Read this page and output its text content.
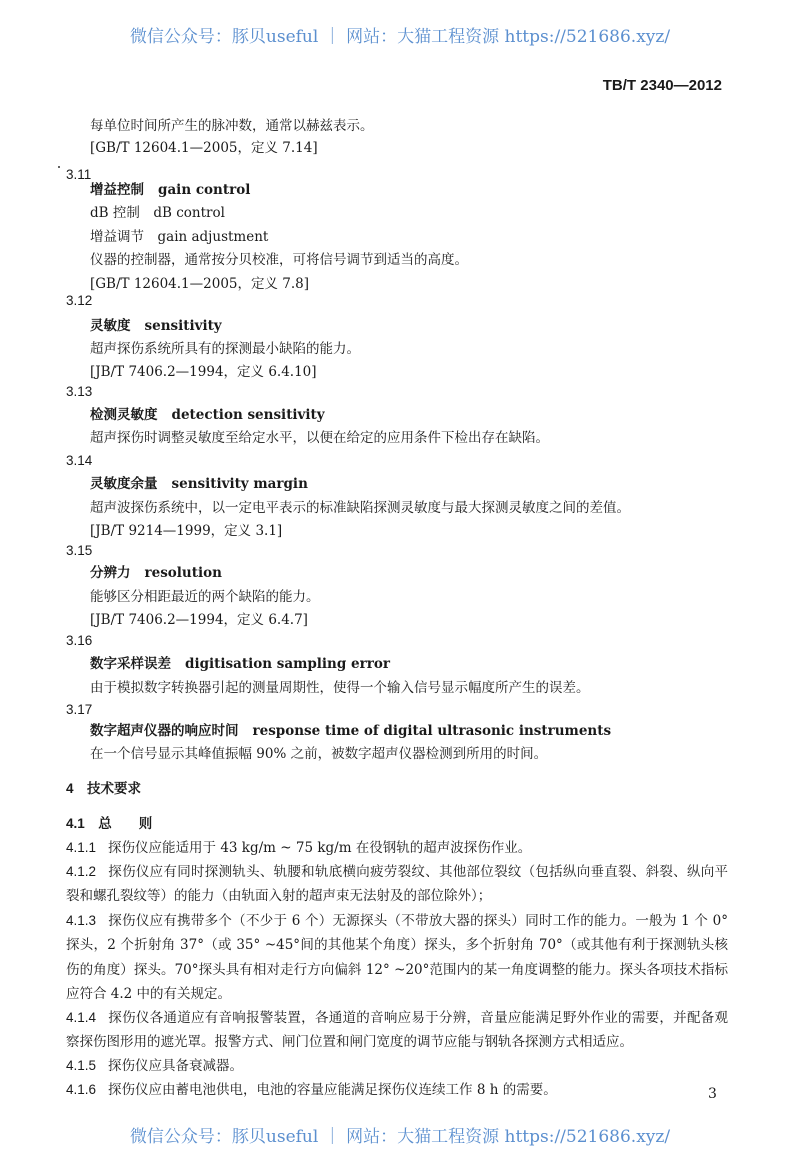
微信公众号：豚贝useful ｜ 网站：大猫工程资源 https://521686.xyz/
TB/T 2340—2012
每单位时间所产生的脉冲数，通常以赫兹表示。
[GB/T 12604.1—2005，定义 7.14]
3.11
增益控制 gain control
dB 控制　dB control
增益调节　gain adjustment
仪器的控制器，通常按分贝校准，可将信号调节到适当的高度。
[GB/T 12604.1—2005，定义 7.8]
3.12
灵敏度 sensitivity
超声探伤系统所具有的探测最小缺陷的能力。
[JB/T 7406.2—1994，定义 6.4.10]
3.13
检测灵敏度 detection sensitivity
超声探伤时调整灵敏度至给定水平，以便在给定的应用条件下检出存在缺陷。
3.14
灵敏度余量 sensitivity margin
超声波探伤系统中，以一定电平表示的标准缺陷探测灵敏度与最大探测灵敏度之间的差值。
[JB/T 9214—1999，定义 3.1]
3.15
分辨力 resolution
能够区分相距最近的两个缺陷的能力。
[JB/T 7406.2—1994，定义 6.4.7]
3.16
数字采样误差 digitisation sampling error
由于模拟数字转换器引起的测量周期性，使得一个输入信号显示幅度所产生的误差。
3.17
数字超声仪器的响应时间 response time of digital ultrasonic instruments
在一个信号显示其峰值振幅 90% 之前，被数字超声仪器检测到所用的时间。
4　技术要求
4.1　总　　则
4.1.1 探伤仪应能适用于 43 kg/m ~ 75 kg/m 在役钢轨的超声波探伤作业。
4.1.2 探伤仪应有同时探测轨头、轨腰和轨底横向疲劳裂纹、其他部位裂纹（包括纵向垂直裂、斜裂、纵向平裂和螺孔裂纹等）的能力（由轨面入射的超声束无法射及的部位除外）；
4.1.3 探伤仪应有携带多个（不少于 6 个）无源探头（不带放大器的探头）同时工作的能力。一般为 1 个 0°探头，2 个折射角 37°（或 35° ~45°间的其他某个角度）探头，多个折射角 70°（或其他有利于探测轨头核伤的角度）探头。70°探头具有相对走行方向偏斜 12° ~20°范围内的某一角度调整的能力。探头各项技术指标应符合 4.2 中的有关规定。
4.1.4 探伤仪各通道应有音响报警装置，各通道的音响应易于分辨，音量应能满足野外作业的需要，并配备观察探伤图形用的遮光罩。报警方式、闸门位置和闸门宽度的调节应能与钢轨各探测方式相适应。
4.1.5 探伤仪应具备衰减器。
4.1.6 探伤仪应由蓄电池供电，电池的容量应能满足探伤仪连续工作 8 h 的需要。	3
微信公众号：豚贝useful ｜ 网站：大猫工程资源 https://521686.xyz/
